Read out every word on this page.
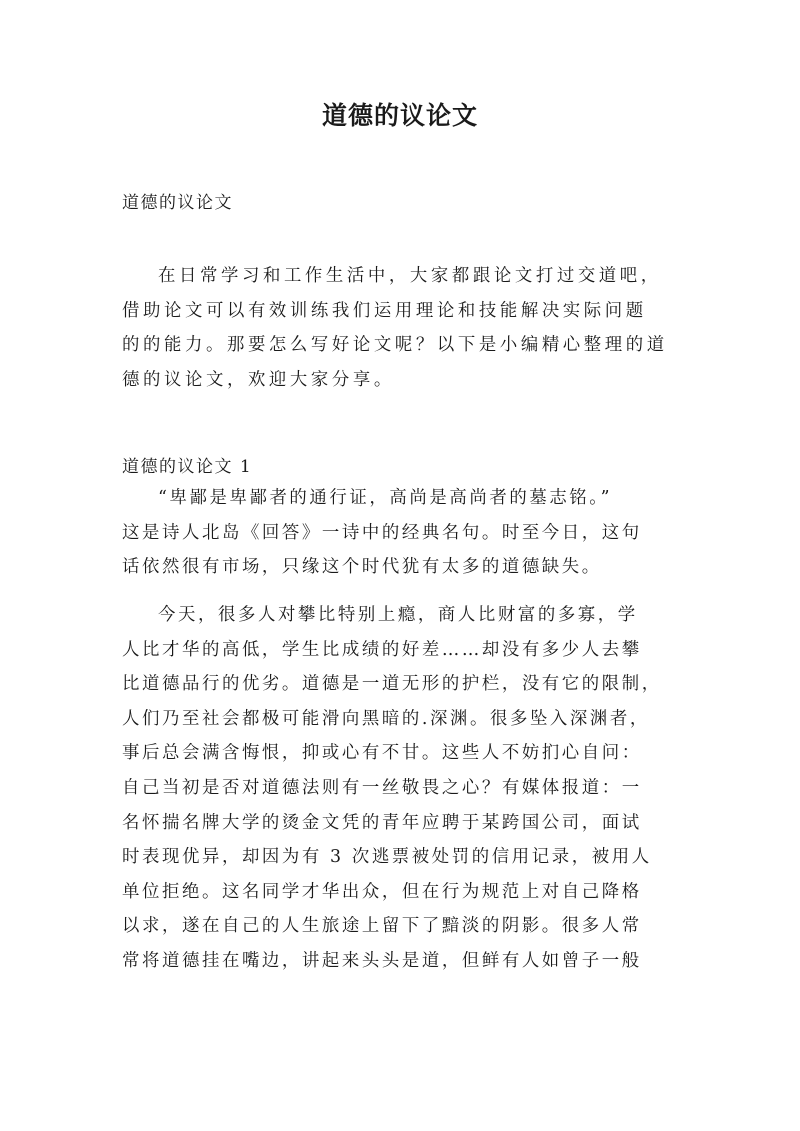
道德的议论文
道德的议论文

在日常学习和工作生活中，大家都跟论文打过交道吧，
借助论文可以有效训练我们运用理论和技能解决实际问题
的的能力。那要怎么写好论文呢？以下是小编精心整理的道
德的议论文，欢迎大家分享。

道德的议论文 1

“卑鄙是卑鄙者的通行证，高尚是高尚者的墓志铭。”
这是诗人北岛《回答》一诗中的经典名句。时至今日，这句
话依然很有市场，只缘这个时代犹有太多的道德缺失。

今天，很多人对攀比特别上瘾，商人比财富的多寡，学
人比才华的高低，学生比成绩的好差……却没有多少人去攀
比道德品行的优劣。道德是一道无形的护栏，没有它的限制，
人们乃至社会都极可能滑向黑暗的.深渊。很多坠入深渊者，
事后总会满含悔恨，抑或心有不甘。这些人不妨扪心自问：
自己当初是否对道德法则有一丝敬畏之心？有媒体报道：一
名怀揣名牌大学的烫金文凭的青年应聘于某跨国公司，面试
时表现优异，却因为有 3 次逃票被处罚的信用记录，被用人
单位拒绝。这名同学才华出众，但在行为规范上对自己降格
以求，遂在自己的人生旅途上留下了黯淡的阴影。很多人常
常将道德挂在嘴边，讲起来头头是道，但鲜有人如曾子一般
